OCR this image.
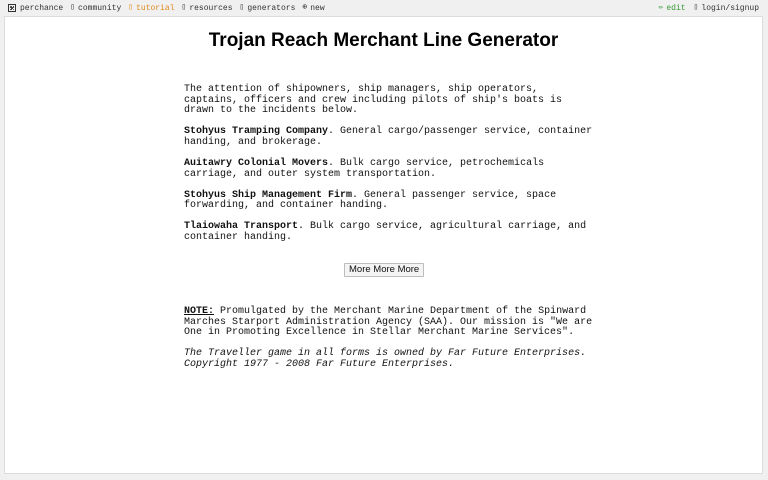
perchance ▯ community ▯ tutorial ▯ resources ▯ generators ⊕ new	✏ edit ▯ login/signup
Trojan Reach Merchant Line Generator

The attention of shipowners, ship managers, ship operators, captains, officers and crew including pilots of ship's boats is drawn to the incidents below.

Stohyus Tramping Company. General cargo/passenger service, container handing, and brokerage.

Auitawry Colonial Movers. Bulk cargo service, petrochemicals carriage, and outer system transportation.

Stohyus Ship Management Firm. General passenger service, space forwarding, and container handing.

Tlaiowaha Transport. Bulk cargo service, agricultural carriage, and container handing.

More More More

NOTE: Promulgated by the Merchant Marine Department of the Spinward Marches Starport Administration Agency (SAA). Our mission is "We are One in Promoting Excellence in Stellar Merchant Marine Services".

The Traveller game in all forms is owned by Far Future Enterprises. Copyright 1977 - 2008 Far Future Enterprises.
